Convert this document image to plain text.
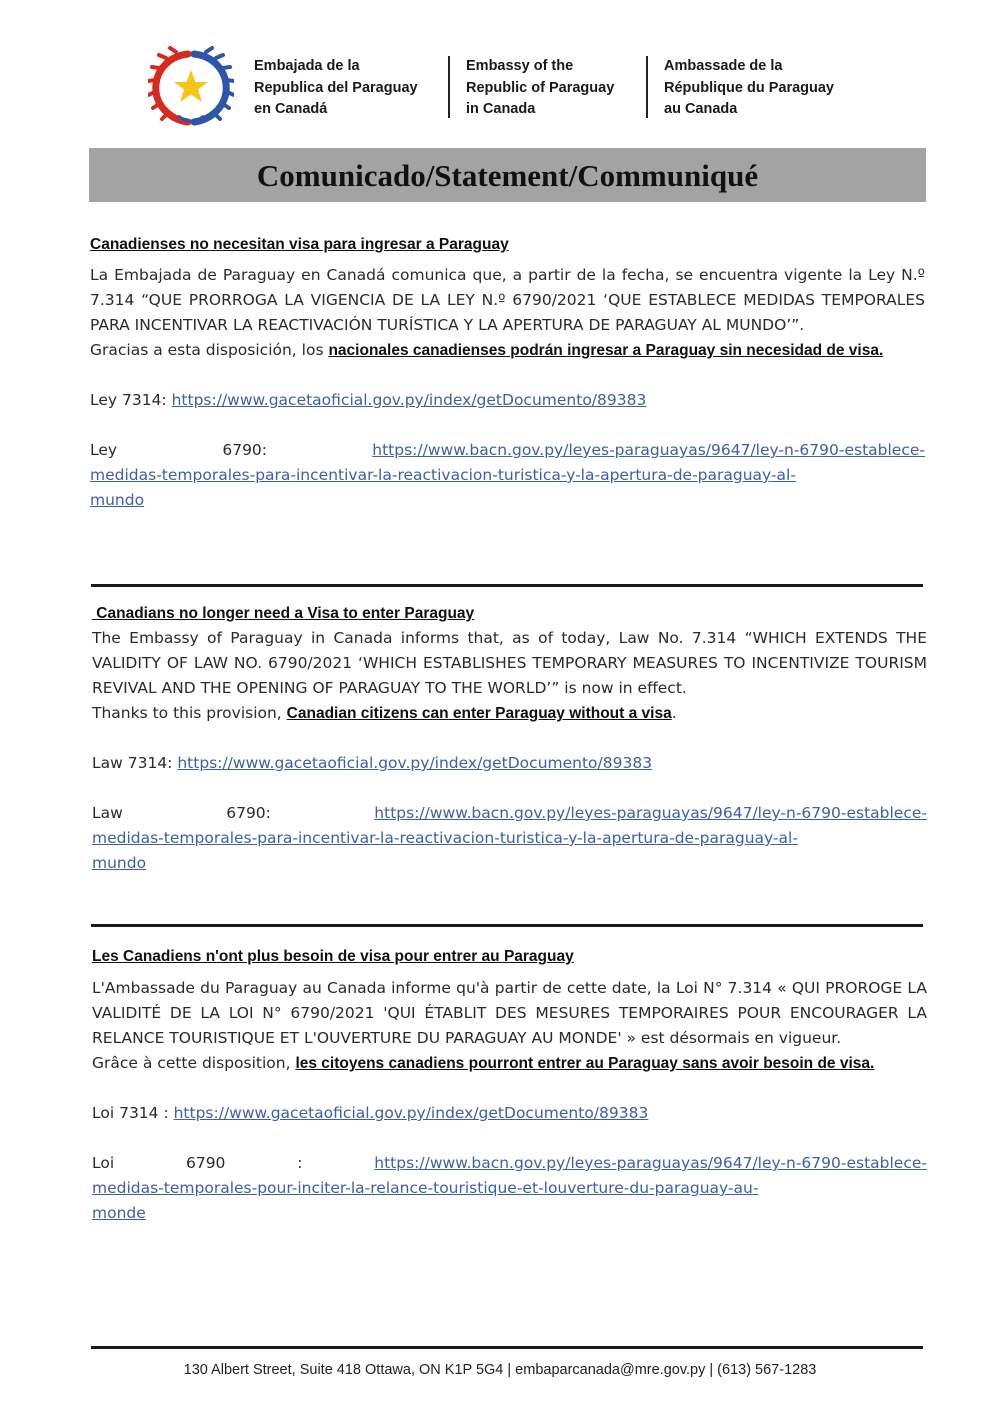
Embajada de la
Republica del Paraguay
en Canadá
Embassy of the
Republic of Paraguay
in Canada
Ambassade de la
République du Paraguay
au Canada
Comunicado/Statement/Communiqué
Canadienses no necesitan visa para ingresar a Paraguay

La Embajada de Paraguay en Canadá comunica que, a partir de la fecha, se encuentra vigente la Ley N.º 7.314 “QUE PRORROGA LA VIGENCIA DE LA LEY N.º 6790/2021 ‘QUE ESTABLECE MEDIDAS TEMPORALES PARA INCENTIVAR LA REACTIVACIÓN TURÍSTICA Y LA APERTURA DE PARAGUAY AL MUNDO’”.

Gracias a esta disposición, los nacionales canadienses podrán ingresar a Paraguay sin necesidad de visa.

Ley 7314: https://www.gacetaoficial.gov.py/index/getDocumento/89383
Ley	6790:	https://www.bacn.gov.py/leyes-paraguayas/9647/ley-n-6790-establece-
medidas-temporales-para-incentivar-la-reactivacion-turistica-y-la-apertura-de-paraguay-al-
mundo
Canadians no longer need a Visa to enter Paraguay

The Embassy of Paraguay in Canada informs that, as of today, Law No. 7.314 “WHICH EXTENDS THE VALIDITY OF LAW NO. 6790/2021 ‘WHICH ESTABLISHES TEMPORARY MEASURES TO INCENTIVIZE TOURISM REVIVAL AND THE OPENING OF PARAGUAY TO THE WORLD’” is now in effect.

Thanks to this provision, Canadian citizens can enter Paraguay without a visa.

Law 7314: https://www.gacetaoficial.gov.py/index/getDocumento/89383
Law	6790:	https://www.bacn.gov.py/leyes-paraguayas/9647/ley-n-6790-establece-
medidas-temporales-para-incentivar-la-reactivacion-turistica-y-la-apertura-de-paraguay-al-
mundo
Les Canadiens n'ont plus besoin de visa pour entrer au Paraguay

L'Ambassade du Paraguay au Canada informe qu'à partir de cette date, la Loi N° 7.314 « QUI PROROGE LA VALIDITÉ DE LA LOI N° 6790/2021 'QUI ÉTABLIT DES MESURES TEMPORAIRES POUR ENCOURAGER LA RELANCE TOURISTIQUE ET L'OUVERTURE DU PARAGUAY AU MONDE' » est désormais en vigueur.

Grâce à cette disposition, les citoyens canadiens pourront entrer au Paraguay sans avoir besoin de visa.

Loi 7314 : https://www.gacetaoficial.gov.py/index/getDocumento/89383
Loi	6790	:	https://www.bacn.gov.py/leyes-paraguayas/9647/ley-n-6790-establece-
medidas-temporales-pour-inciter-la-relance-touristique-et-louverture-du-paraguay-au-
monde
130 Albert Street, Suite 418 Ottawa, ON K1P 5G4 | embaparcanada@mre.gov.py | (613) 567-1283
